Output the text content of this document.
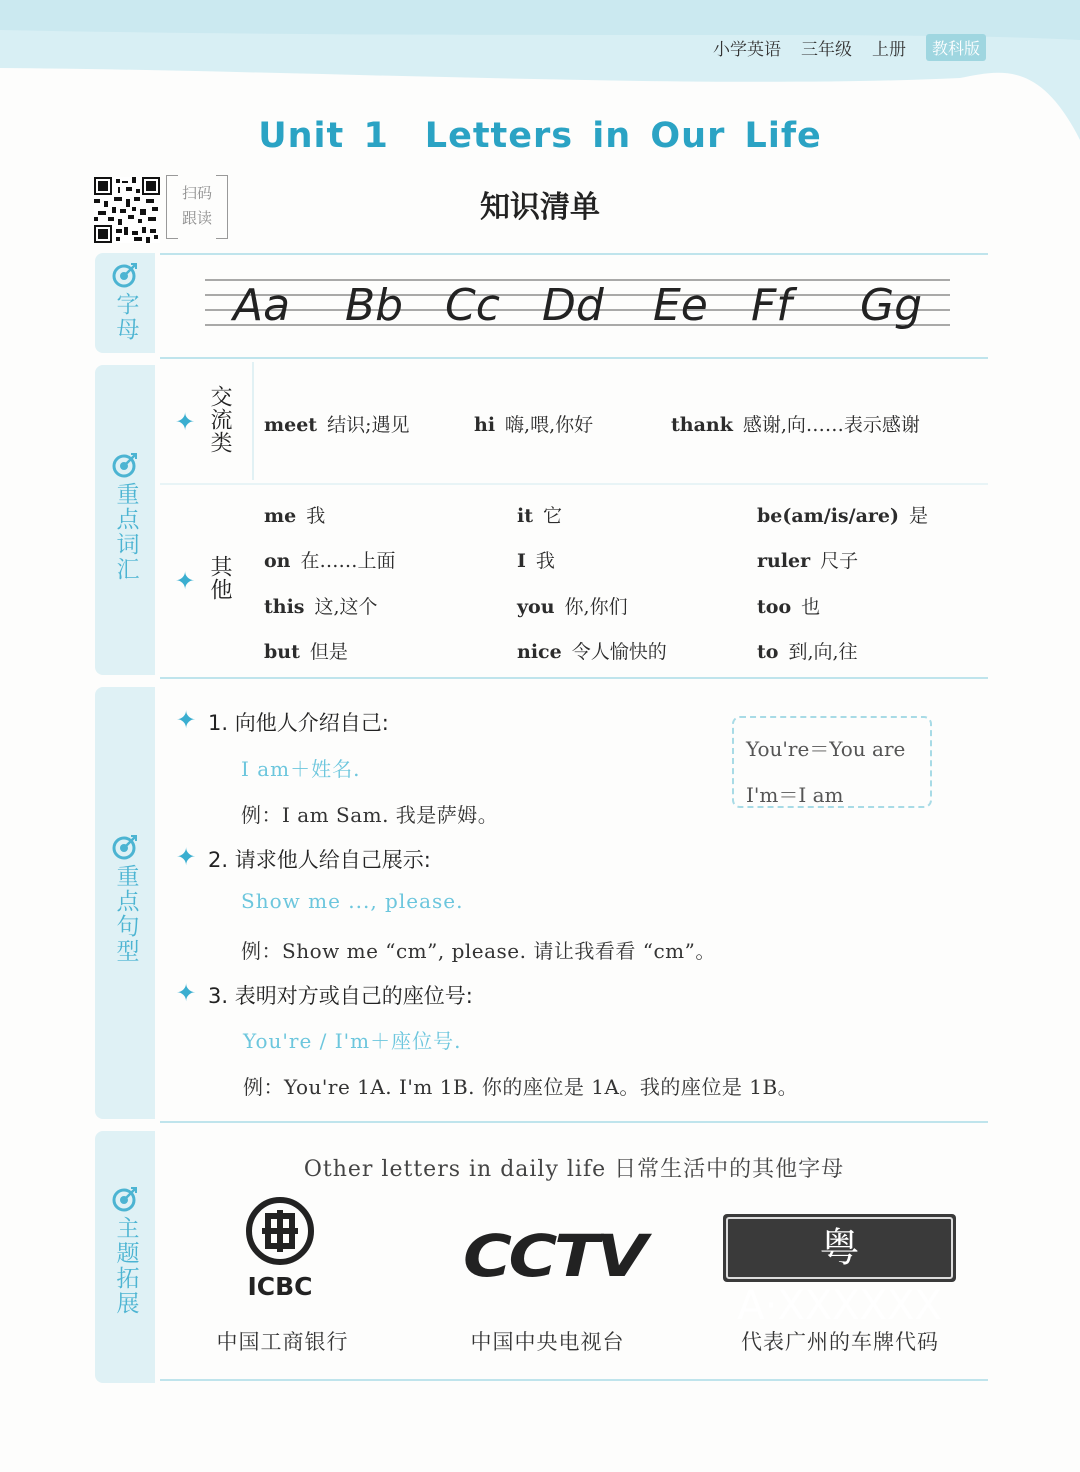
小学英语 三年级 上册	教科版
Unit 1　Letters in Our Life
知识清单
扫码
跟读
字母
重点词汇
重点句型
主题拓展
Aa Bb Cc Dd Ee Ff Gg
✦ 交流类 meet 结识;遇见	hi 嗨,喂,你好	thank 感谢,向……表示感谢
✦ 其他
me 我	it 它	be(am/is/are) 是
on 在……上面	I 我	ruler 尺子
this 这,这个	you 你,你们	too 也
but 但是	nice 令人愉快的	to 到,向,往
✦ 1. 向他人介绍自己:
I am＋姓名.
例：I am Sam. 我是萨姆。
You're＝You are
I'm＝I am
✦ 2. 请求他人给自己展示:
Show me ..., please.
例：Show me “cm”, please. 请让我看看 “cm”。
✦ 3. 表明对方或自己的座位号:
You're / I'm＋座位号.
例：You're 1A. I'm 1B. 你的座位是 1A。我的座位是 1B。
Other letters in daily life 日常生活中的其他字母
ICBC	CCTV	粤A·XXXXXX
中国工商银行	中国中央电视台	代表广州的车牌代码
